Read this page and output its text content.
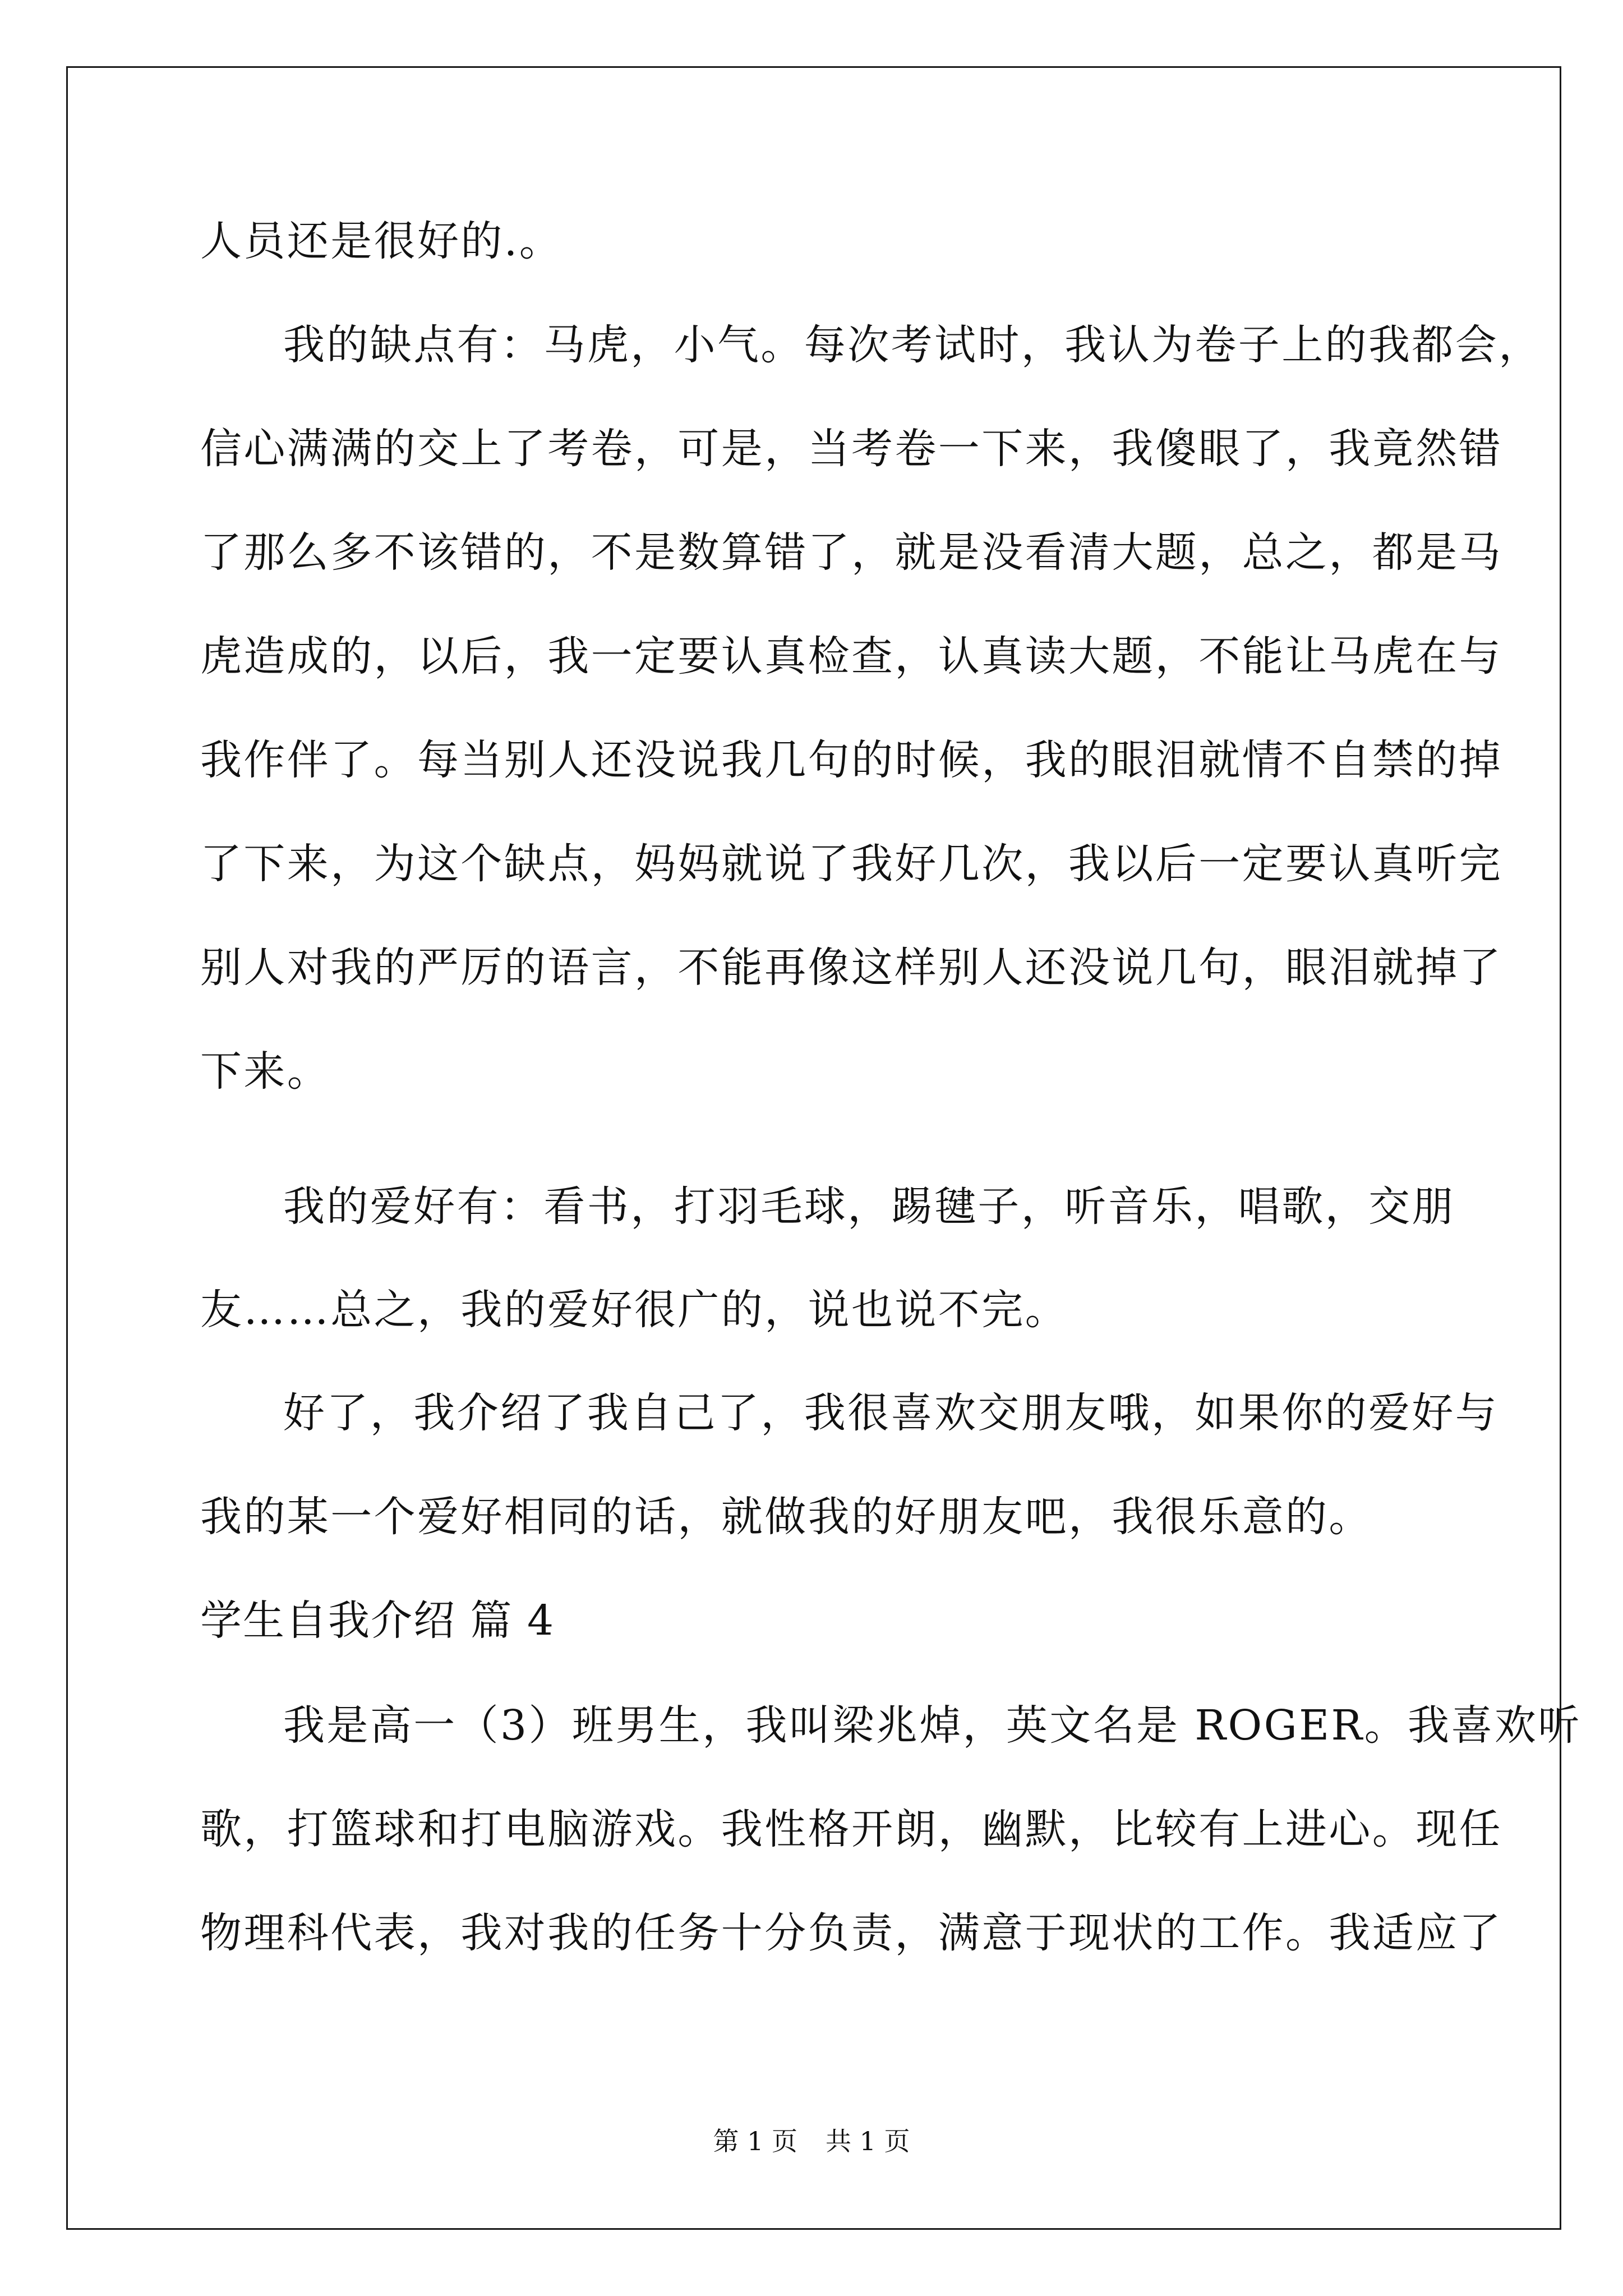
人员还是很好的.。

我的缺点有：马虎，小气。每次考试时，我认为卷子上的我都会，

信心满满的交上了考卷，可是，当考卷一下来，我傻眼了，我竟然错

了那么多不该错的，不是数算错了，就是没看清大题，总之，都是马

虎造成的，以后，我一定要认真检查，认真读大题，不能让马虎在与

我作伴了。每当别人还没说我几句的时候，我的眼泪就情不自禁的掉

了下来，为这个缺点，妈妈就说了我好几次，我以后一定要认真听完

别人对我的严厉的语言，不能再像这样别人还没说几句，眼泪就掉了

下来。

我的爱好有：看书，打羽毛球，踢毽子，听音乐，唱歌，交朋

友……总之，我的爱好很广的，说也说不完。

好了，我介绍了我自己了，我很喜欢交朋友哦，如果你的爱好与

我的某一个爱好相同的话，就做我的好朋友吧，我很乐意的。

学生自我介绍 篇 4

我是高一（3）班男生，我叫梁兆焯，英文名是 ROGER。我喜欢听

歌，打篮球和打电脑游戏。我性格开朗，幽默，比较有上进心。现任

物理科代表，我对我的任务十分负责，满意于现状的工作。我适应了

第 1 页 共 1 页
